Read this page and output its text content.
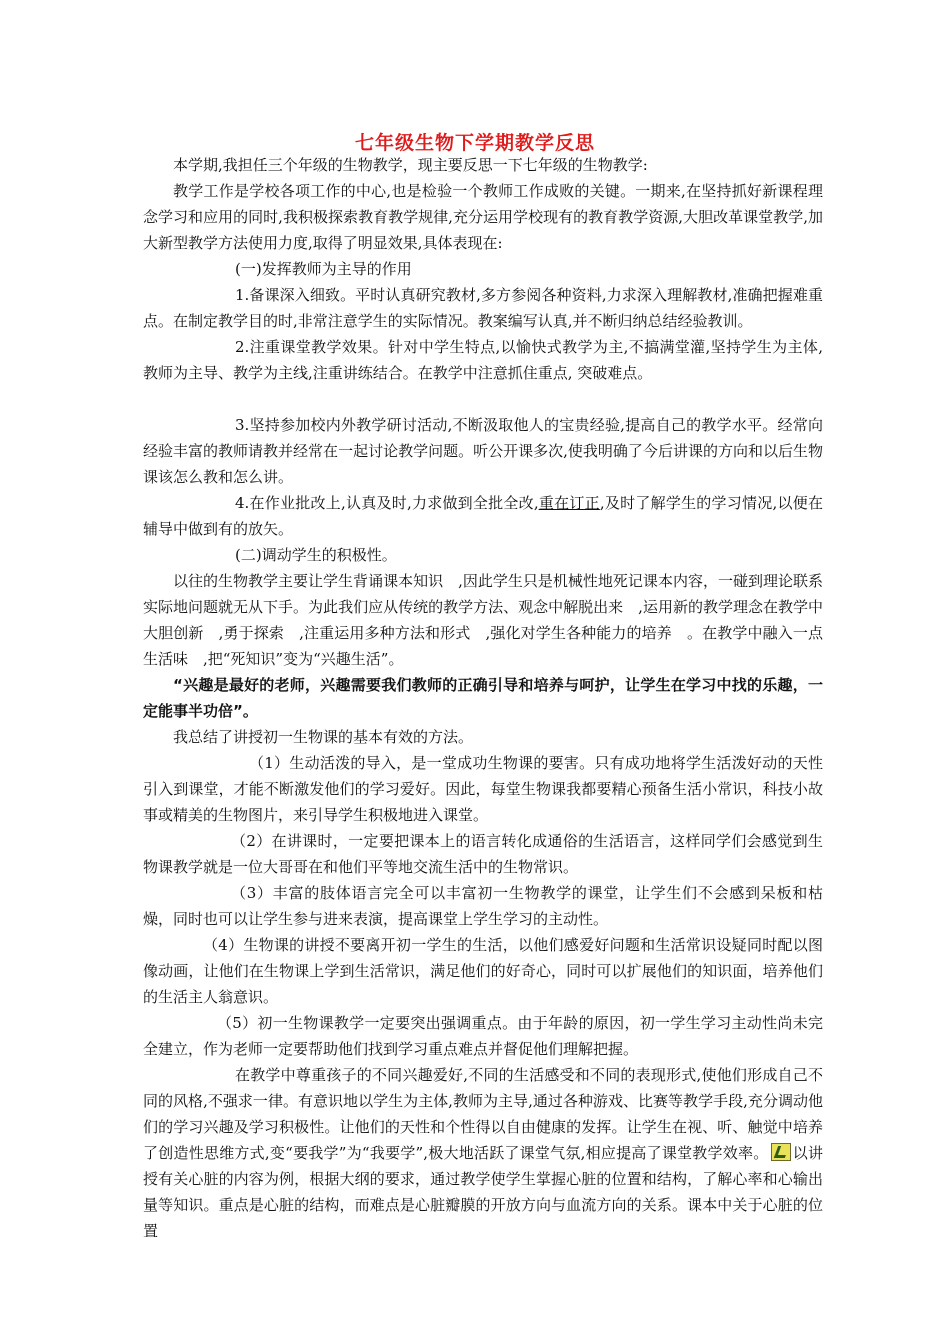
七年级生物下学期教学反思

本学期,我担任三个年级的生物教学，现主要反思一下七年级的生物教学:

教学工作是学校各项工作的中心,也是检验一个教师工作成败的关键。一期来,在坚持抓好新课程理念学习和应用的同时,我积极探索教育教学规律,充分运用学校现有的教育教学资源,大胆改革课堂教学,加大新型教学方法使用力度,取得了明显效果,具体表现在:

(一)发挥教师为主导的作用

1.备课深入细致。平时认真研究教材,多方参阅各种资料,力求深入理解教材,准确把握难重点。在制定教学目的时,非常注意学生的实际情况。教案编写认真,并不断归纳总结经验教训。

2.注重课堂教学效果。针对中学生特点,以愉快式教学为主,不搞满堂灌,坚持学生为主体,教师为主导、教学为主线,注重讲练结合。在教学中注意抓住重点, 突破难点。

3.坚持参加校内外教学研讨活动,不断汲取他人的宝贵经验,提高自己的教学水平。经常向经验丰富的教师请教并经常在一起讨论教学问题。听公开课多次,使我明确了今后讲课的方向和以后生物课该怎么教和怎么讲。

4.在作业批改上,认真及时,力求做到全批全改,重在订正,及时了解学生的学习情况,以便在辅导中做到有的放矢。

(二)调动学生的积极性。

以往的生物教学主要让学生背诵课本知识　,因此学生只是机械性地死记课本内容，一碰到理论联系实际地问题就无从下手。为此我们应从传统的教学方法、观念中解脱出来　,运用新的教学理念在教学中大胆创新　,勇于探索　,注重运用多种方法和形式　,强化对学生各种能力的培养　。在教学中融入一点生活味　,把“死知识”变为“兴趣生活”。

“兴趣是最好的老师，兴趣需要我们教师的正确引导和培养与呵护，让学生在学习中找的乐趣，一定能事半功倍”。

我总结了讲授初一生物课的基本有效的方法。

（1）生动活泼的导入，是一堂成功生物课的要害。只有成功地将学生活泼好动的天性引入到课堂，才能不断激发他们的学习爱好。因此，每堂生物课我都要精心预备生活小常识，科技小故事或精美的生物图片，来引导学生积极地进入课堂。

（2）在讲课时，一定要把课本上的语言转化成通俗的生活语言，这样同学们会感觉到生物课教学就是一位大哥哥在和他们平等地交流生活中的生物常识。

（3）丰富的肢体语言完全可以丰富初一生物教学的课堂，让学生们不会感到呆板和枯燥，同时也可以让学生参与进来表演，提高课堂上学生学习的主动性。

（4）生物课的讲授不要离开初一学生的生活，以他们感爱好问题和生活常识设疑同时配以图像动画，让他们在生物课上学到生活常识，满足他们的好奇心，同时可以扩展他们的知识面，培养他们的生活主人翁意识。

（5）初一生物课教学一定要突出强调重点。由于年龄的原因，初一学生学习主动性尚未完全建立，作为老师一定要帮助他们找到学习重点难点并督促他们理解把握。

在教学中尊重孩子的不同兴趣爱好,不同的生活感受和不同的表现形式,使他们形成自己不同的风格,不强求一律。有意识地以学生为主体,教师为主导,通过各种游戏、比赛等教学手段,充分调动他们的学习兴趣及学习积极性。让他们的天性和个性得以自由健康的发挥。让学生在视、听、触觉中培养了创造性思维方式,变“要我学”为“我要学”,极大地活跃了课堂气氛,相应提高了课堂教学效率。 以讲授有关心脏的内容为例，根据大纲的要求，通过教学使学生掌握心脏的位置和结构，了解心率和心输出量等知识。重点是心脏的结构，而难点是心脏瓣膜的开放方向与血流方向的关系。课本中关于心脏的位置
